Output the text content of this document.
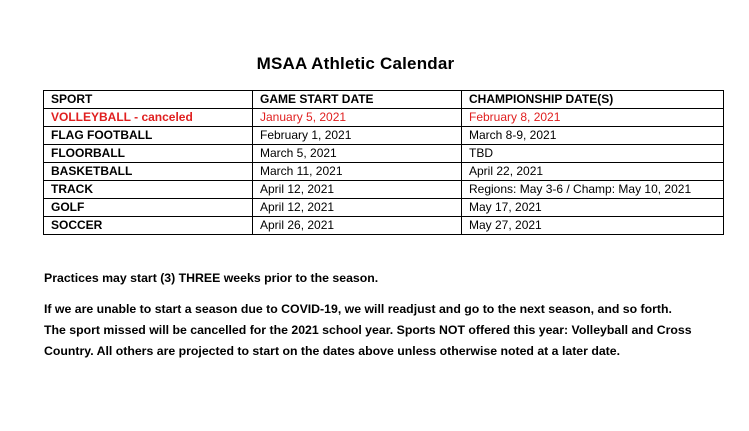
MSAA Athletic Calendar
SPORT	GAME START DATE	CHAMPIONSHIP DATE(S)
VOLLEYBALL - canceled	January 5, 2021	February 8, 2021
FLAG FOOTBALL	February 1, 2021	March 8-9, 2021
FLOORBALL	March 5, 2021	TBD
BASKETBALL	March 11, 2021	April 22, 2021
TRACK	April 12, 2021	Regions: May 3-6 / Champ: May 10, 2021
GOLF	April 12, 2021	May 17, 2021
SOCCER	April 26, 2021	May 27, 2021
Practices may start (3) THREE weeks prior to the season.
If we are unable to start a season due to COVID-19, we will readjust and go to the next season, and so forth. The sport missed will be cancelled for the 2021 school year. Sports NOT offered this year: Volleyball and Cross Country. All others are projected to start on the dates above unless otherwise noted at a later date.
